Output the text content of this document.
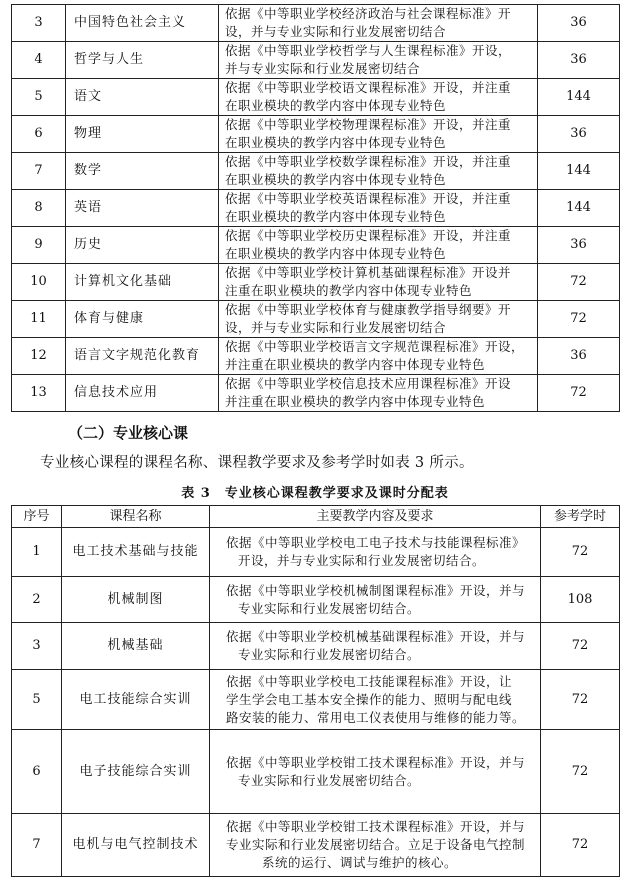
3	中国特色社会主义	依据《中等职业学校经济政治与社会课程标准》开
设，并与专业实际和行业发展密切结合	36
4	哲学与人生	依据《中等职业学校哲学与人生课程标准》开设，
并与专业实际和行业发展密切结合	36
5	语文	依据《中等职业学校语文课程标准》开设，并注重
在职业模块的教学内容中体现专业特色	144
6	物理	依据《中等职业学校物理课程标准》开设，并注重
在职业模块的教学内容中体现专业特色	36
7	数学	依据《中等职业学校数学课程标准》开设，并注重
在职业模块的教学内容中体现专业特色	144
8	英语	依据《中等职业学校英语课程标准》开设，并注重
在职业模块的教学内容中体现专业特色	144
9	历史	依据《中等职业学校历史课程标准》开设，并注重
在职业模块的教学内容中体现专业特色	36
10	计算机文化基础	依据《中等职业学校计算机基础课程标准》开设并
注重在职业模块的教学内容中体现专业特色	72
11	体育与健康	依据《中等职业学校体育与健康教学指导纲要》开
设，并与专业实际和行业发展密切结合	72
12	语言文字规范化教育	依据《中等职业学校语言文字规范课程标准》开设，
并注重在职业模块的教学内容中体现专业特色	36
13	信息技术应用	依据《中等职业学校信息技术应用课程标准》开设
并注重在职业模块的教学内容中体现专业特色	72
（二）专业核心课
专业核心课程的课程名称、课程教学要求及参考学时如表 3 所示。
表 3　专业核心课程教学要求及课时分配表
序号	课程名称	主要教学内容及要求	参考学时
1	电工技术基础与技能	依据《中等职业学校电工电子技术与技能课程标准》
开设，并与专业实际和行业发展密切结合。	72
2	机械制图	依据《中等职业学校机械制图课程标准》开设，并与
专业实际和行业发展密切结合。	108
3	机械基础	依据《中等职业学校机械基础课程标准》开设，并与
专业实际和行业发展密切结合。	72
5	电工技能综合实训	依据《中等职业学校电工技能课程标准》开设，让
学生学会电工基本安全操作的能力、照明与配电线
路安装的能力、常用电工仪表使用与维修的能力等。	72
6	电子技能综合实训	依据《中等职业学校钳工技术课程标准》开设，并与
专业实际和行业发展密切结合。	72
7	电机与电气控制技术	依据《中等职业学校钳工技术课程标准》开设，并与
专业实际和行业发展密切结合。立足于设备电气控制
系统的运行、调试与维护的核心。	72
